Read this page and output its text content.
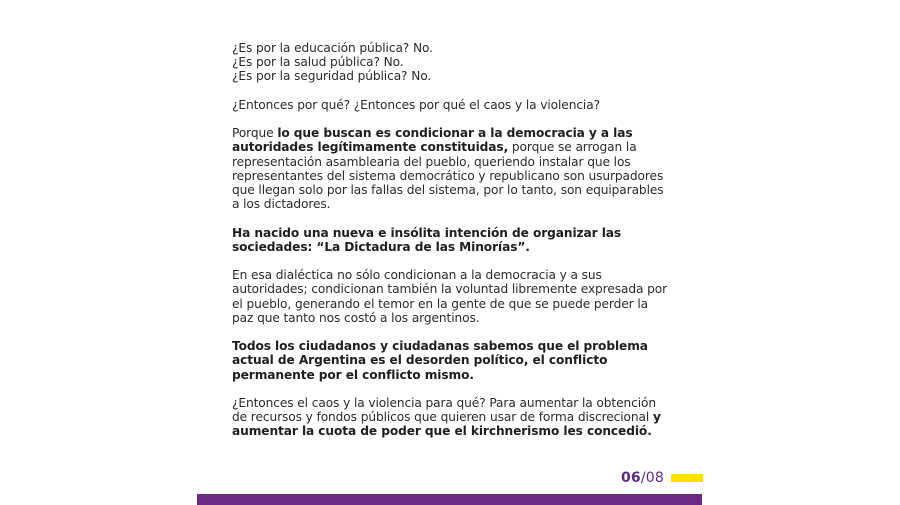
¿Es por la educación pública? No.

¿Es por la salud pública? No.

¿Es por la seguridad pública? No.

¿Entonces por qué? ¿Entonces por qué el caos y la violencia?

Porque lo que buscan es condicionar a la democracia y a las autoridades legítimamente constituidas, porque se arrogan la representación asamblearia del pueblo, queriendo instalar que los representantes del sistema democrático y republicano son usurpadores que llegan solo por las fallas del sistema, por lo tanto, son equiparables a los dictadores.

Ha nacido una nueva e insólita intención de organizar las sociedades: “La Dictadura de las Minorías”.

En esa dialéctica no sólo condicionan a la democracia y a sus autoridades; condicionan también la voluntad libremente expresada por el pueblo, generando el temor en la gente de que se puede perder la paz que tanto nos costó a los argentinos.

Todos los ciudadanos y ciudadanas sabemos que el problema actual de Argentina es el desorden político, el conflicto permanente por el conflicto mismo.

¿Entonces el caos y la violencia para qué? Para aumentar la obtención de recursos y fondos públicos que quieren usar de forma discrecional y aumentar la cuota de poder que el kirchnerismo les concedió.

06/08
